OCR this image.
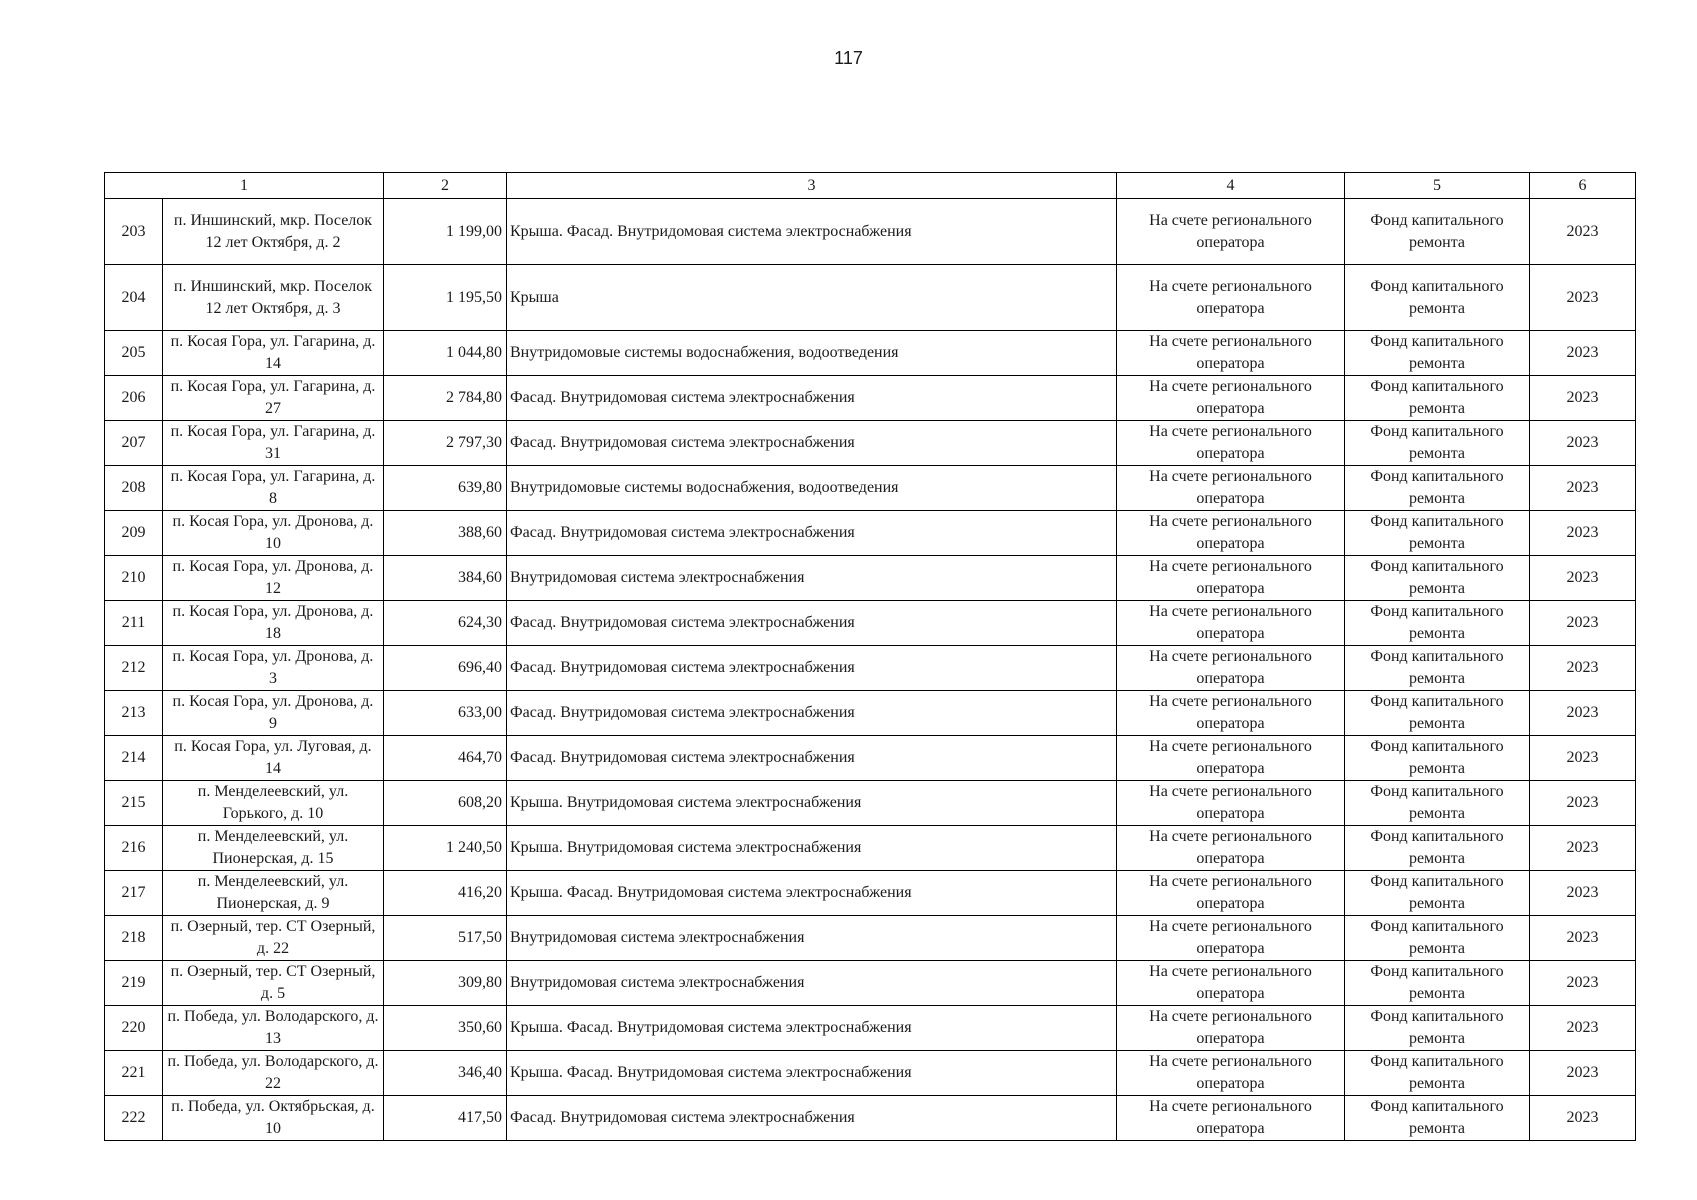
117
1		2	3	4	5	6
203	п. Иншинский, мкр. Поселок 12 лет Октября, д. 2	1 199,00	Крыша. Фасад. Внутридомовая система электроснабжения	На счете регионального оператора	Фонд капитального ремонта	2023
204	п. Иншинский, мкр. Поселок 12 лет Октября, д. 3	1 195,50	Крыша	На счете регионального оператора	Фонд капитального ремонта	2023
205	п. Косая Гора, ул. Гагарина, д. 14	1 044,80	Внутридомовые системы водоснабжения, водоотведения	На счете регионального оператора	Фонд капитального ремонта	2023
206	п. Косая Гора, ул. Гагарина, д. 27	2 784,80	Фасад. Внутридомовая система электроснабжения	На счете регионального оператора	Фонд капитального ремонта	2023
207	п. Косая Гора, ул. Гагарина, д. 31	2 797,30	Фасад. Внутридомовая система электроснабжения	На счете регионального оператора	Фонд капитального ремонта	2023
208	п. Косая Гора, ул. Гагарина, д. 8	639,80	Внутридомовые системы водоснабжения, водоотведения	На счете регионального оператора	Фонд капитального ремонта	2023
209	п. Косая Гора, ул. Дронова, д. 10	388,60	Фасад. Внутридомовая система электроснабжения	На счете регионального оператора	Фонд капитального ремонта	2023
210	п. Косая Гора, ул. Дронова, д. 12	384,60	Внутридомовая система электроснабжения	На счете регионального оператора	Фонд капитального ремонта	2023
211	п. Косая Гора, ул. Дронова, д. 18	624,30	Фасад. Внутридомовая система электроснабжения	На счете регионального оператора	Фонд капитального ремонта	2023
212	п. Косая Гора, ул. Дронова, д. 3	696,40	Фасад. Внутридомовая система электроснабжения	На счете регионального оператора	Фонд капитального ремонта	2023
213	п. Косая Гора, ул. Дронова, д. 9	633,00	Фасад. Внутридомовая система электроснабжения	На счете регионального оператора	Фонд капитального ремонта	2023
214	п. Косая Гора, ул. Луговая, д. 14	464,70	Фасад. Внутридомовая система электроснабжения	На счете регионального оператора	Фонд капитального ремонта	2023
215	п. Менделеевский, ул. Горького, д. 10	608,20	Крыша. Внутридомовая система электроснабжения	На счете регионального оператора	Фонд капитального ремонта	2023
216	п. Менделеевский, ул. Пионерская, д. 15	1 240,50	Крыша. Внутридомовая система электроснабжения	На счете регионального оператора	Фонд капитального ремонта	2023
217	п. Менделеевский, ул. Пионерская, д. 9	416,20	Крыша. Фасад. Внутридомовая система электроснабжения	На счете регионального оператора	Фонд капитального ремонта	2023
218	п. Озерный, тер. СТ Озерный, д. 22	517,50	Внутридомовая система электроснабжения	На счете регионального оператора	Фонд капитального ремонта	2023
219	п. Озерный, тер. СТ Озерный, д. 5	309,80	Внутридомовая система электроснабжения	На счете регионального оператора	Фонд капитального ремонта	2023
220	п. Победа, ул. Володарского, д. 13	350,60	Крыша. Фасад. Внутридомовая система электроснабжения	На счете регионального оператора	Фонд капитального ремонта	2023
221	п. Победа, ул. Володарского, д. 22	346,40	Крыша. Фасад. Внутридомовая система электроснабжения	На счете регионального оператора	Фонд капитального ремонта	2023
222	п. Победа, ул. Октябрьская, д. 10	417,50	Фасад. Внутридомовая система электроснабжения	На счете регионального оператора	Фонд капитального ремонта	2023
